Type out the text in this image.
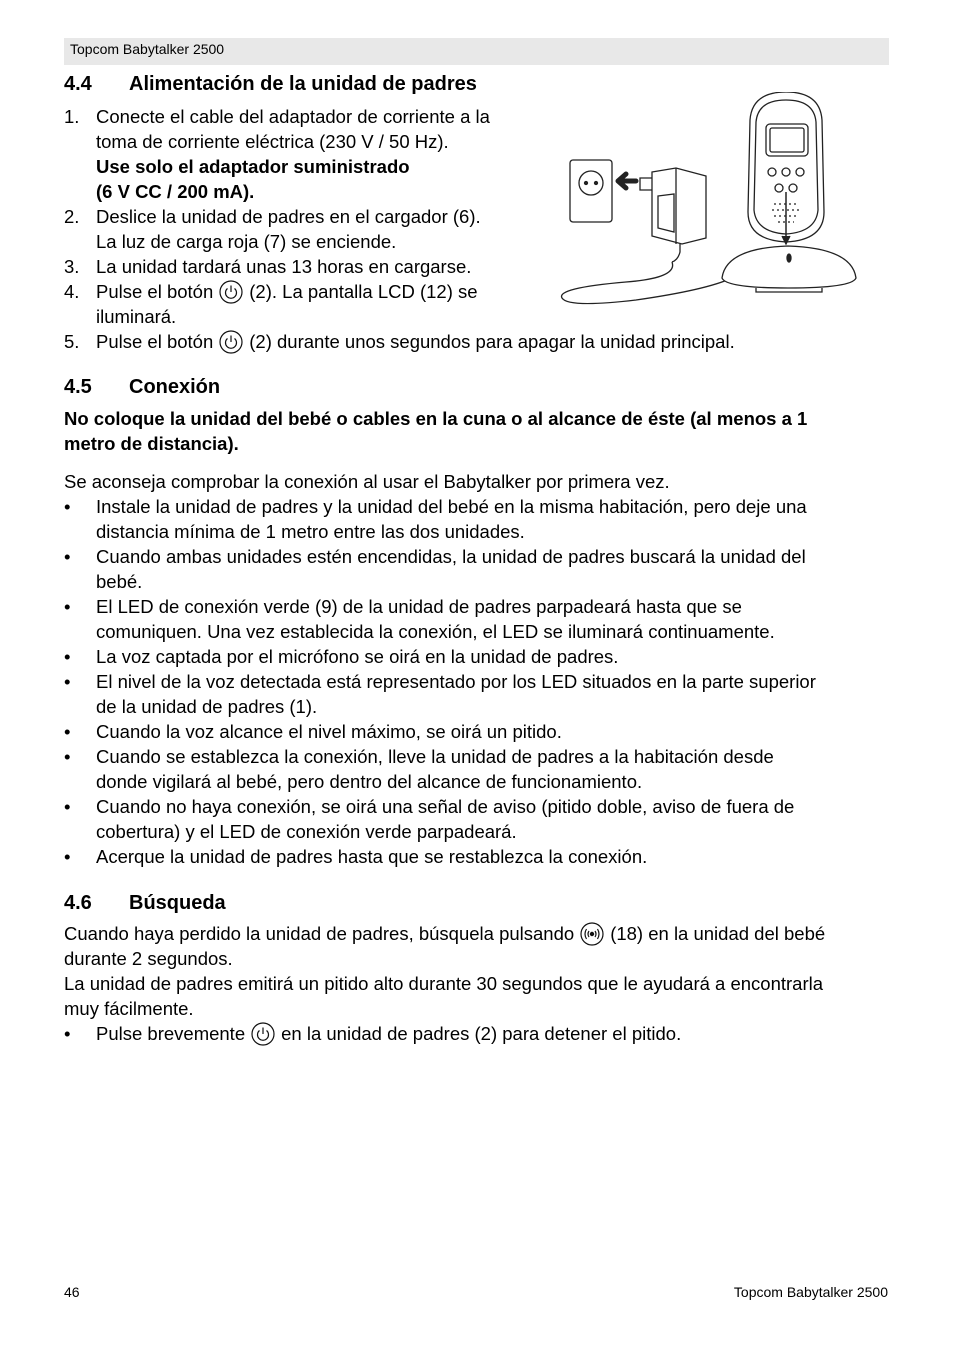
Topcom Babytalker 2500
4.4	Alimentación de la unidad de padres
1. Conecte el cable del adaptador de corriente a la
toma de corriente eléctrica (230 V / 50 Hz).
Use solo el adaptador suministrado
(6 V CC / 200 mA).
2. Deslice la unidad de padres en el cargador (6).
La luz de carga roja (7) se enciende.
3. La unidad tardará unas 13 horas en cargarse.
4. Pulse el botón (2). La pantalla LCD (12) se
iluminará.
5. Pulse el botón (2) durante unos segundos para apagar la unidad principal.
4.5	Conexión

No coloque la unidad del bebé o cables en la cuna o al alcance de éste (al menos a 1
metro de distancia).

Se aconseja comprobar la conexión al usar el Babytalker por primera vez.

•	Instale la unidad de padres y la unidad del bebé en la misma habitación, pero deje una
distancia mínima de 1 metro entre las dos unidades.
•	Cuando ambas unidades estén encendidas, la unidad de padres buscará la unidad del
bebé.
•	El LED de conexión verde (9) de la unidad de padres parpadeará hasta que se
comuniquen. Una vez establecida la conexión, el LED se iluminará continuamente.
•	La voz captada por el micrófono se oirá en la unidad de padres.
•	El nivel de la voz detectada está representado por los LED situados en la parte superior
de la unidad de padres (1).
•	Cuando la voz alcance el nivel máximo, se oirá un pitido.
•	Cuando se establezca la conexión, lleve la unidad de padres a la habitación desde
donde vigilará al bebé, pero dentro del alcance de funcionamiento.
•	Cuando no haya conexión, se oirá una señal de aviso (pitido doble, aviso de fuera de
cobertura) y el LED de conexión verde parpadeará.
•	Acerque la unidad de padres hasta que se restablezca la conexión.
4.6	Búsqueda

Cuando haya perdido la unidad de padres, búsquela pulsando (18) en la unidad del bebé
durante 2 segundos.
La unidad de padres emitirá un pitido alto durante 30 segundos que le ayudará a encontrarla
muy fácilmente.

•	Pulse brevemente en la unidad de padres (2) para detener el pitido.
46	Topcom Babytalker 2500
